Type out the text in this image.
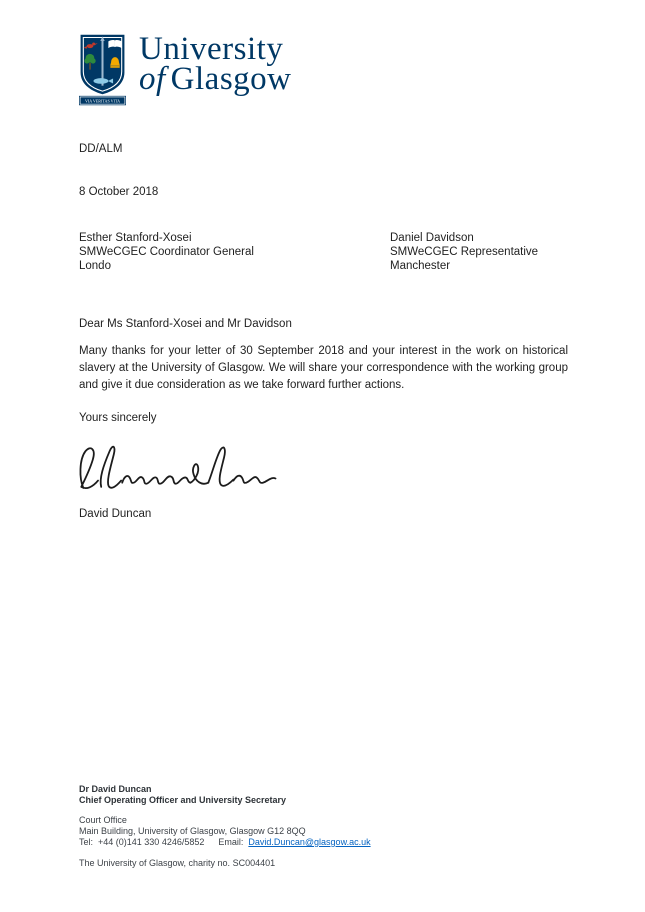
VIA VERITAS VITA
University
of Glasgow
DD/ALM
8 October 2018
Esther Stanford-Xosei
SMWeCGEC Coordinator General
Londo
Daniel Davidson
SMWeCGEC Representative
Manchester
Dear Ms Stanford-Xosei and Mr Davidson
Many thanks for your letter of 30 September 2018 and your interest in the work on historical slavery at the University of Glasgow. We will share your correspondence with the working group and give it due consideration as we take forward further actions.
Yours sincerely
David Duncan
Dr David Duncan
Chief Operating Officer and University Secretary
Court Office
Main Building, University of Glasgow, Glasgow G12 8QQ
Tel: +44 (0)141 330 4246/5852 Email: David.Duncan@glasgow.ac.uk
The University of Glasgow, charity no. SC004401
